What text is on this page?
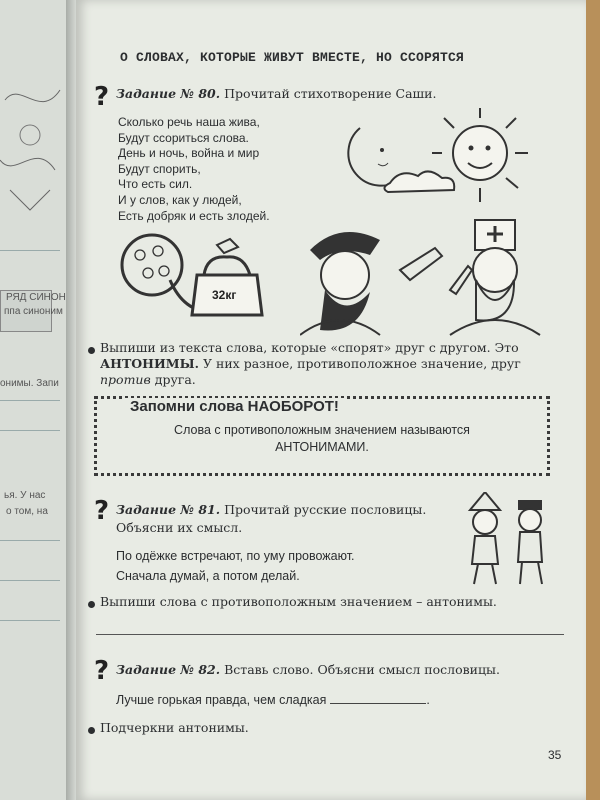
РЯД СИНОН
ппа синоним
онимы. Запи
ья. У нас
о том, на
О СЛОВАХ, КОТОРЫЕ ЖИВУТ ВМЕСТЕ, НО ССОРЯТСЯ
? Задание № 80. Прочитай стихотворение Саши.
Сколько речь наша жива,
Будут ссориться слова.
День и ночь, война и мир
Будут спорить,
Что есть сил.
И у слов, как у людей,
Есть добряк и есть злодей.
32кг
Выпиши из текста слова, которые «спорят» друг с другом. Это
АНТОНИМЫ. У них разное, противоположное значение, друг
против друга.
Запомни слова НАОБОРОТ!
Слова с противоположным значением называются
АНТОНИМАМИ.
? Задание № 81. Прочитай русские пословицы.
Объясни их смысл.
По одёжке встречают, по уму провожают.
Сначала думай, а потом делай.
Выпиши слова с противоположным значением – антонимы.
? Задание № 82. Вставь слово. Объясни смысл пословицы.
Лучше горькая правда, чем сладкая	.
Подчеркни антонимы.
35
